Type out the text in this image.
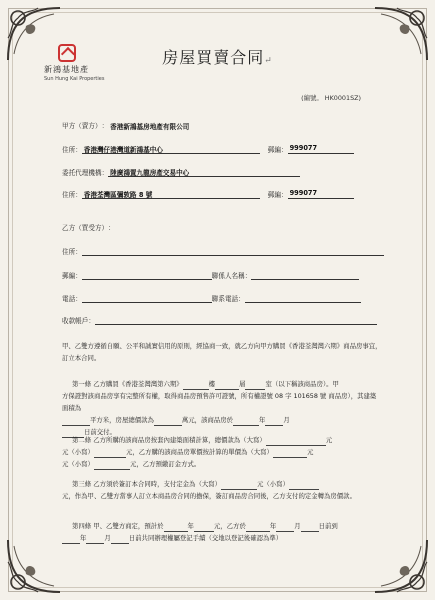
新鴻基地產
Sun Hung Kai Properties
房屋買賣合同↵
(編號。 HK0001SZ)
甲方（賣方） ： 香港新鴻基房地產有限公司
住所 ： 香港灣仔港灣道新鴻基中心	郵編 ： 999077
委托代理機構 ： 陸廣鴻置九龍房產交易中心
住所 ： 香港荃灣區彌敦路 8 號	郵編 ： 999077
乙方（買受方） ：
住所 ：
郵編 ：	聯係人名稱 ：
電話 ：	聯系電話 ：
收款帳戶 ：
甲、乙雙方遵循自願、公平和誠實信用的原則，經協商一致，就乙方向甲方購買《香港荃灣灣六期》商品房事宜，訂立本合同。
第一條 乙方購買《香港荃灣灣第六期》	樓	層	室（以下稱該商品房）。甲
方保證對該商品房享有完整所有權，取得商品房預售許可證號，所有權證號 08 字 101658 號 商品房），其建築面積為
平方米，房屋總價款為	萬元，該商品房於	年	月
日前交付。
第二條 乙方所購的該商品房按套內建築面積計算，總價款為（大寫）	元
元（小寫）	元，乙方購的該商品房單價按計算的單價為（大寫）	元
元（小寫）	元，乙方預繳訂金方式。
第三條 乙方須於簽訂本合同時，支付定金為（大寫）	元（小寫）
元，作為甲、乙雙方當事人訂立本商品房合同的擔保，簽訂商品房合同後，乙方支付的定金轉為房價款。
第四條 甲、乙雙方商定，預計於	年	元，乙方於	年	月	日前到
年	月	日前共同辦理權屬登記手續（交地以登記後確認為準）
